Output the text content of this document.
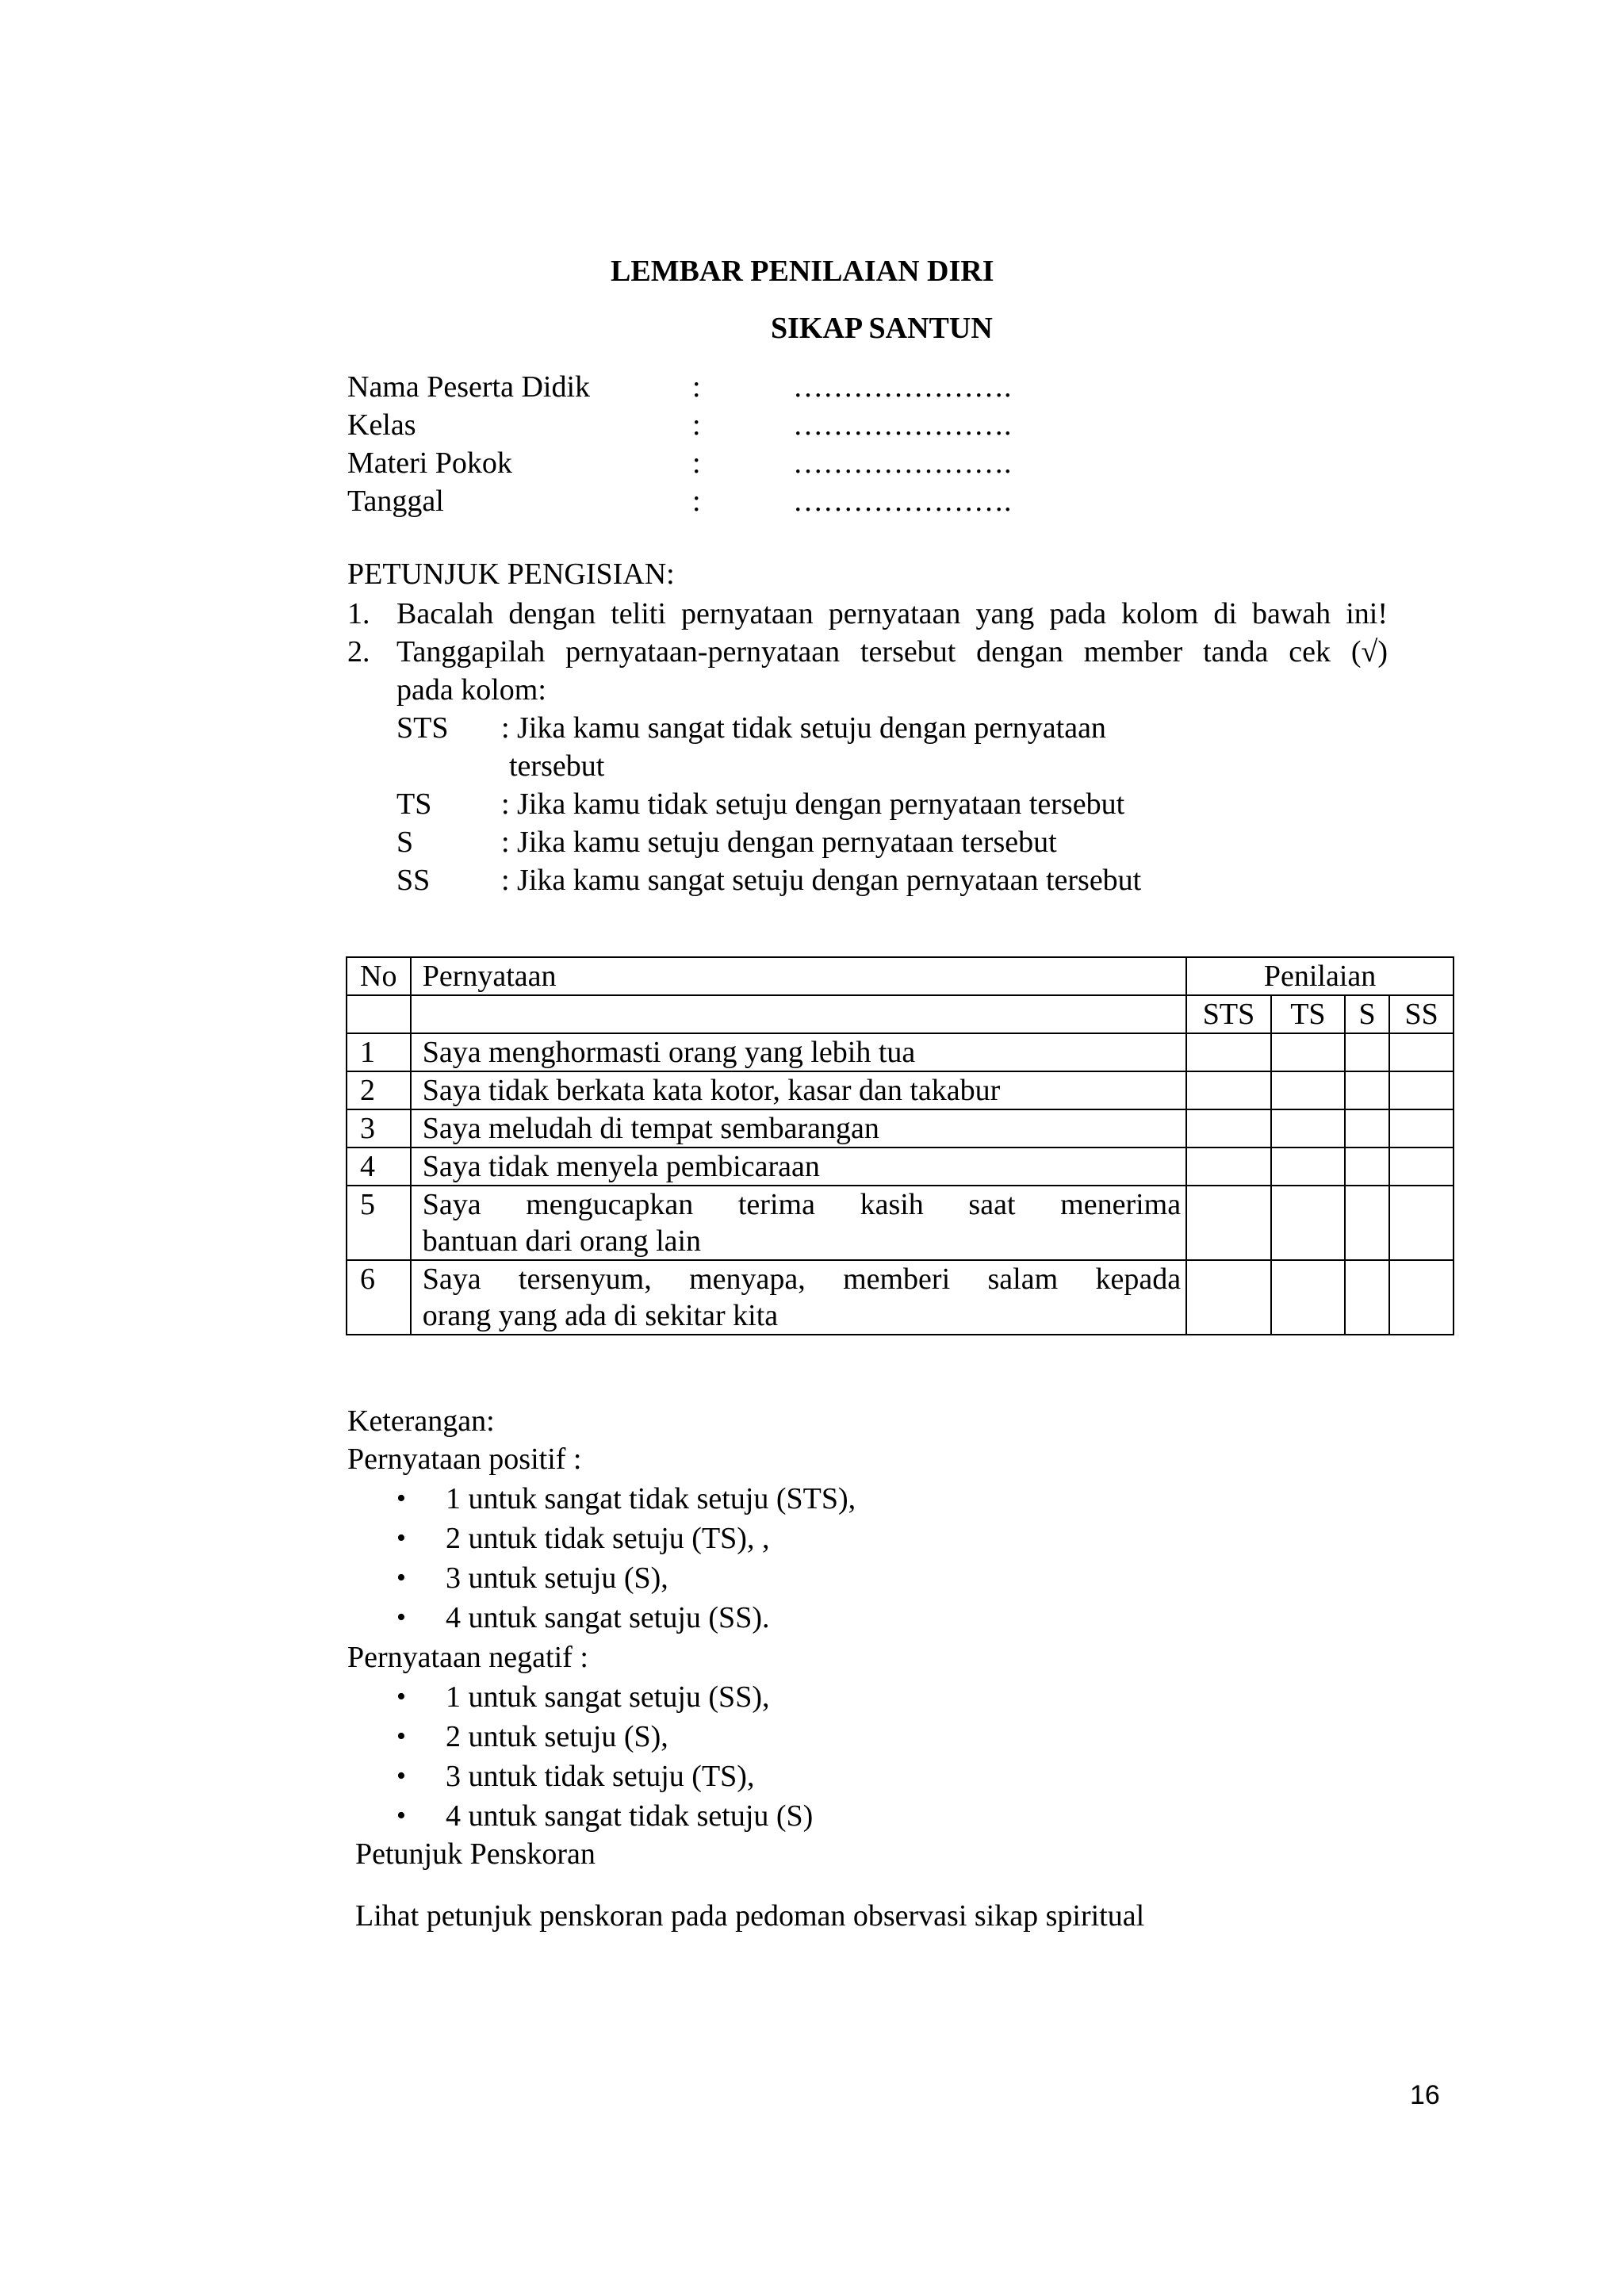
LEMBAR PENILAIAN DIRI
SIKAP SANTUN
Nama Peserta Didik	:	………………….
Kelas	:	………………….
Materi Pokok	:	………………….
Tanggal	:	………………….
PETUNJUK PENGISIAN:
1. Bacalah dengan teliti pernyataan pernyataan yang pada kolom di bawah ini!
2. Tanggapilah pernyataan-pernyataan tersebut dengan member tanda cek (√)
pada kolom:
STS : Jika kamu sangat tidak setuju dengan pernyataan
tersebut
TS : Jika kamu tidak setuju dengan pernyataan tersebut
S	: Jika kamu setuju dengan pernyataan tersebut
SS : Jika kamu sangat setuju dengan pernyataan tersebut
No	Pernyataan	Penilaian			
		STS	TS	S	SS
1	Saya menghormasti orang yang lebih tua				
2	Saya tidak berkata kata kotor, kasar dan takabur				
3	Saya meludah di tempat sembarangan				
4	Saya tidak menyela pembicaraan				
5	Saya mengucapkan terima kasih saat menerima
bantuan dari orang lain				
6	Saya tersenyum, menyapa, memberi salam kepada
orang yang ada di sekitar kita				
Keterangan:
Pernyataan positif :
• 1 untuk sangat tidak setuju (STS),
• 2 untuk tidak setuju (TS), ,
• 3 untuk setuju (S),
• 4 untuk sangat setuju (SS).
Pernyataan negatif :
• 1 untuk sangat setuju (SS),
• 2 untuk setuju (S),
• 3 untuk tidak setuju (TS),
• 4 untuk sangat tidak setuju (S)
Petunjuk Penskoran
Lihat petunjuk penskoran pada pedoman observasi sikap spiritual
16
